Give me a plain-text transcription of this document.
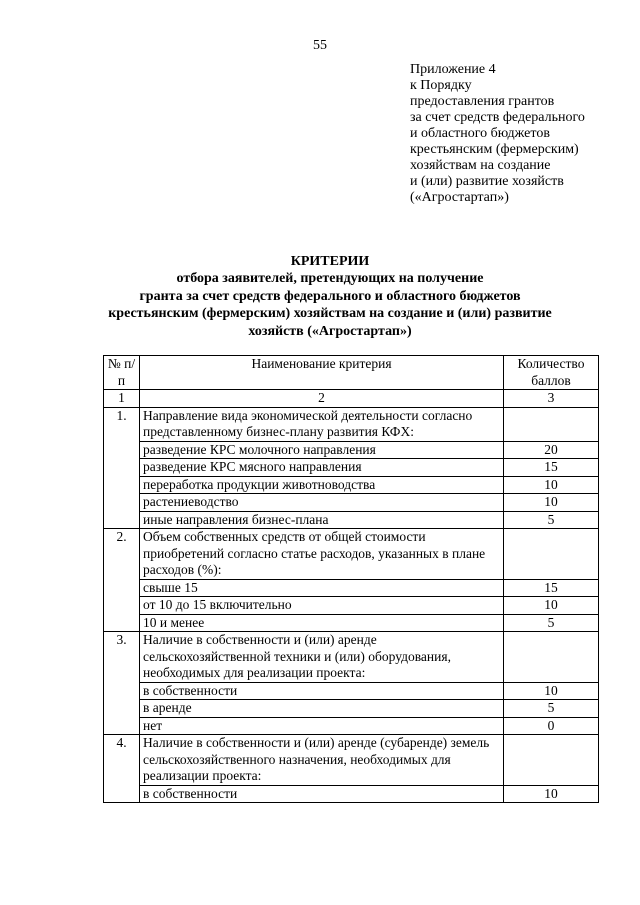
55
Приложение 4
к Порядку
предоставления грантов
за счет средств федерального
и областного бюджетов
крестьянским (фермерским)
хозяйствам на создание
и (или) развитие хозяйств
(«Агростартап»)
КРИТЕРИИ
отбора заявителей, претендующих на получение
гранта за счет средств федерального и областного бюджетов
крестьянским (фермерским) хозяйствам на создание и (или) развитие
хозяйств («Агростартап»)
№ п/п	Наименование критерия	Количество баллов
1	2	3
1.	Направление вида экономической деятельности согласно представленному бизнес-плану развития КФХ:	
	разведение КРС молочного направления	20
	разведение КРС мясного направления	15
	переработка продукции животноводства	10
	растениеводство	10
	иные направления бизнес-плана	5
2.	Объем собственных средств от общей стоимости приобретений согласно статье расходов, указанных в плане расходов (%):	
	свыше 15	15
	от 10 до 15 включительно	10
	10 и менее	5
3.	Наличие в собственности и (или) аренде сельскохозяйственной техники и (или) оборудования, необходимых для реализации проекта:	
	в собственности	10
	в аренде	5
	нет	0
4.	Наличие в собственности и (или) аренде (субаренде) земель сельскохозяйственного назначения, необходимых для реализации проекта:	
	в собственности	10
